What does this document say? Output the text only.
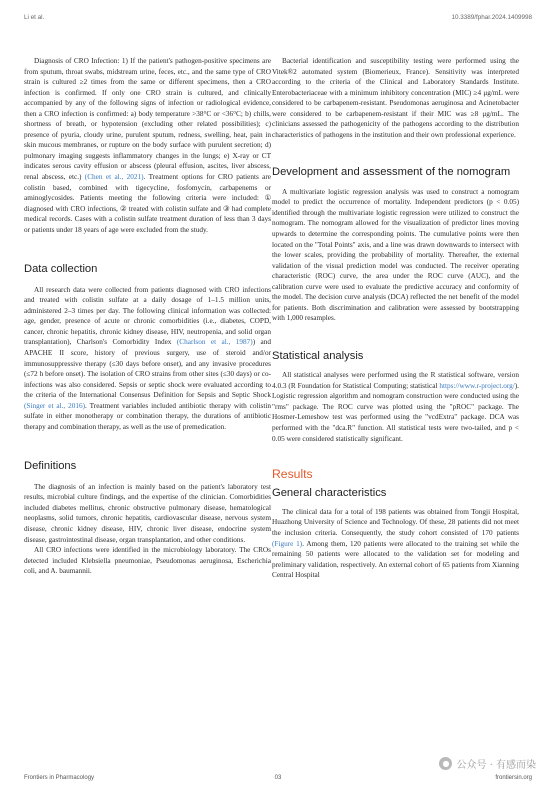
Li et al.	10.3389/fphar.2024.1409998

Diagnosis of CRO Infection: 1) If the patient's pathogen-positive specimens are from sputum, throat swabs, midstream urine, feces, etc., and the same type of CRO strain is cultured ≥2 times from the same or different specimens, then a CRO infection is confirmed. If only one CRO strain is cultured, and clinically accompanied by any of the following signs of infection or radiological evidence, then a CRO infection is confirmed: a) body temperature >38°C or <36°C; b) chills, shortness of breath, or hypotension (excluding other related possibilities); c) presence of pyuria, cloudy urine, purulent sputum, redness, swelling, heat, pain in skin mucous membranes, or rupture on the body surface with purulent secretion; d) pulmonary imaging suggests inflammatory changes in the lungs; e) X-ray or CT indicates serous cavity effusion or abscess (pleural effusion, ascites, liver abscess, renal abscess, etc.) (Chen et al., 2021). Treatment options for CRO patients are colistin based, combined with tigecycline, fosfomycin, carbapenems or aminoglycosides. Patients meeting the following criteria were included: ① diagnosed with CRO infections, ② treated with colistin sulfate and ③ had complete medical records. Cases with a colistin sulfate treatment duration of less than 3 days or patients under 18 years of age were excluded from the study.

Data collection

All research data were collected from patients diagnosed with CRO infections and treated with colistin sulfate at a daily dosage of 1–1.5 million units, administered 2–3 times per day. The following clinical information was collected: age, gender, presence of acute or chronic comorbidities (i.e., diabetes, COPD, cancer, chronic hepatitis, chronic kidney disease, HIV, neutropenia, and solid organ transplantation), Charlson's Comorbidity Index (Charlson et al., 1987)) and APACHE II score, history of previous surgery, use of steroid and/or immunosuppressive therapy (≤30 days before onset), and any invasive procedures (≤72 h before onset). The isolation of CRO strains from other sites (≤30 days) or co-infections was also considered. Sepsis or septic shock were evaluated according to the criteria of the International Consensus Definition for Sepsis and Septic Shock (Singer et al., 2016). Treatment variables included antibiotic therapy with colistin sulfate in either monotherapy or combination therapy, the durations of antibiotic therapy and combination therapy, as well as the use of premedication.

Definitions

The diagnosis of an infection is mainly based on the patient's laboratory test results, microbial culture findings, and the expertise of the clinician. Comorbidities included diabetes mellitus, chronic obstructive pulmonary disease, hematological neoplasms, solid tumors, chronic hepatitis, cardiovascular disease, nervous system disease, chronic kidney disease, HIV, chronic liver disease, endocrine system disease, gastrointestinal disease, organ transplantation, and other conditions.

All CRO infections were identified in the microbiology laboratory. The CROs detected included Klebsiella pneumoniae, Pseudomonas aeruginosa, Escherichia coli, and A. baumannii.

Bacterial identification and susceptibility testing were performed using the Vitek®2 automated system (Biomerieux, France). Sensitivity was interpreted according to the criteria of the Clinical and Laboratory Standards Institute. Enterobacteriaceae with a minimum inhibitory concentration (MIC) ≥4 μg/mL were considered to be carbapenem-resistant. Pseudomonas aeruginosa and Acinetobacter were considered to be carbapenem-resistant if their MIC was ≥8 μg/mL. The clinicians assessed the pathogenicity of the pathogens according to the distribution characteristics of pathogens in the institution and their own professional experience.

Development and assessment of the nomogram

A multivariate logistic regression analysis was used to construct a nomogram model to predict the occurrence of mortality. Independent predictors (p < 0.05) identified through the multivariate logistic regression were utilized to construct the nomogram. The nomogram allowed for the visualization of predictor lines moving upwards to determine the corresponding points. The cumulative points were then located on the "Total Points" axis, and a line was drawn downwards to intersect with the lower scales, providing the probability of mortality. Thereafter, the external validation of the visual prediction model was conducted. The receiver operating characteristic (ROC) curve, the area under the ROC curve (AUC), and the calibration curve were used to evaluate the predictive accuracy and conformity of the model. The decision curve analysis (DCA) reflected the net benefit of the model for patients. Both discrimination and calibration were assessed by bootstrapping with 1,000 resamples.

Statistical analysis

All statistical analyses were performed using the R statistical software, version 4.0.3 (R Foundation for Statistical Computing; statistical https://www.r-project.org/). Logistic regression algorithm and nomogram construction were conducted using the "rms" package. The ROC curve was plotted using the "pROC" package. The Hosmer-Lemeshow test was performed using the "vcdExtra" package. DCA was performed with the "dca.R" function. All statistical tests were two-tailed, and p < 0.05 were considered statistically significant.

Results
General characteristics

The clinical data for a total of 198 patients was obtained from Tongji Hospital, Huazhong University of Science and Technology. Of these, 28 patients did not meet the inclusion criteria. Consequently, the study cohort consisted of 170 patients (Figure 1). Among them, 120 patients were allocated to the training set while the remaining 50 patients were allocated to the validation set for modeling and preliminary validation, respectively. An external cohort of 65 patients from Xianning Central Hospital

Frontiers in Pharmacology	03	frontiersin.org
● 公众号 · 有感而染
